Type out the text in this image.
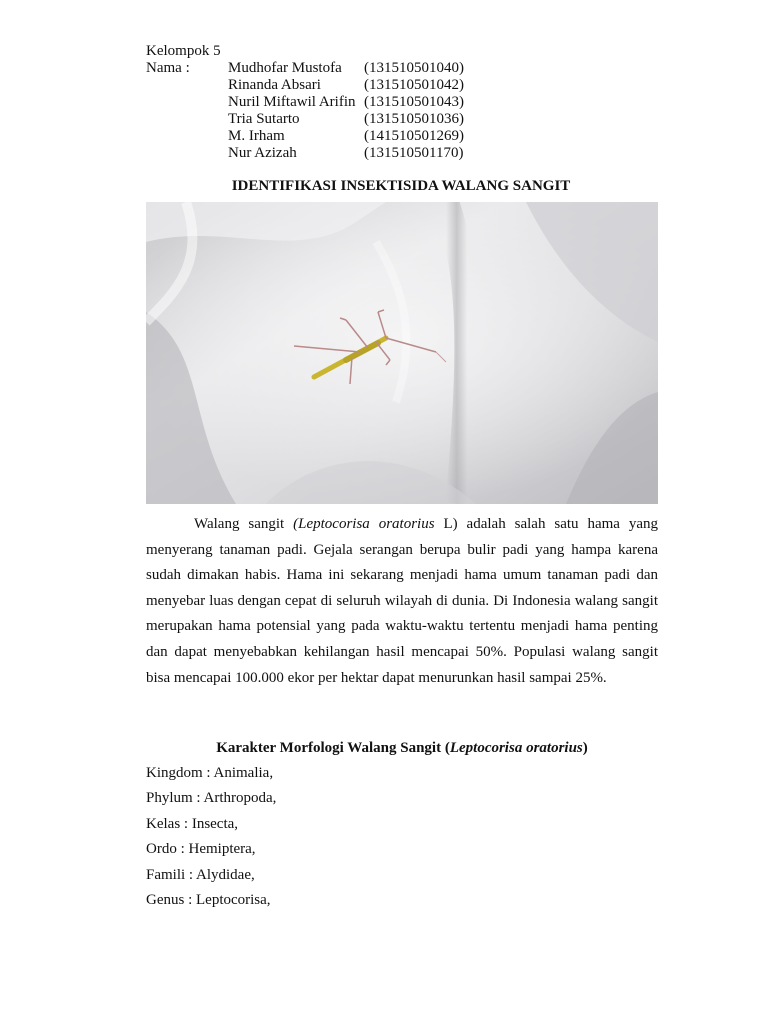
Kelompok 5
Nama :	Mudhofar Mustofa (131510501040)
Rinanda Absari	(131510501042)
Nuril Miftawil Arifin (131510501043)
Tria Sutarto	(131510501036)
M. Irham	(141510501269)
Nur Azizah	(131510501170)
IDENTIFIKASI INSEKTISIDA WALANG SANGIT

Walang sangit (Leptocorisa oratorius L) adalah salah satu hama yang menyerang tanaman padi. Gejala serangan berupa bulir padi yang hampa karena sudah dimakan habis. Hama ini sekarang menjadi hama umum tanaman padi dan menyebar luas dengan cepat di seluruh wilayah di dunia. Di Indonesia walang sangit merupakan hama potensial yang pada waktu-waktu tertentu menjadi hama penting dan dapat menyebabkan kehilangan hasil mencapai 50%. Populasi walang sangit bisa mencapai 100.000 ekor per hektar dapat menurunkan hasil sampai 25%.

Karakter Morfologi Walang Sangit (Leptocorisa oratorius)
Kingdom : Animalia,
Phylum : Arthropoda,
Kelas : Insecta,
Ordo : Hemiptera,
Famili : Alydidae,
Genus : Leptocorisa,
